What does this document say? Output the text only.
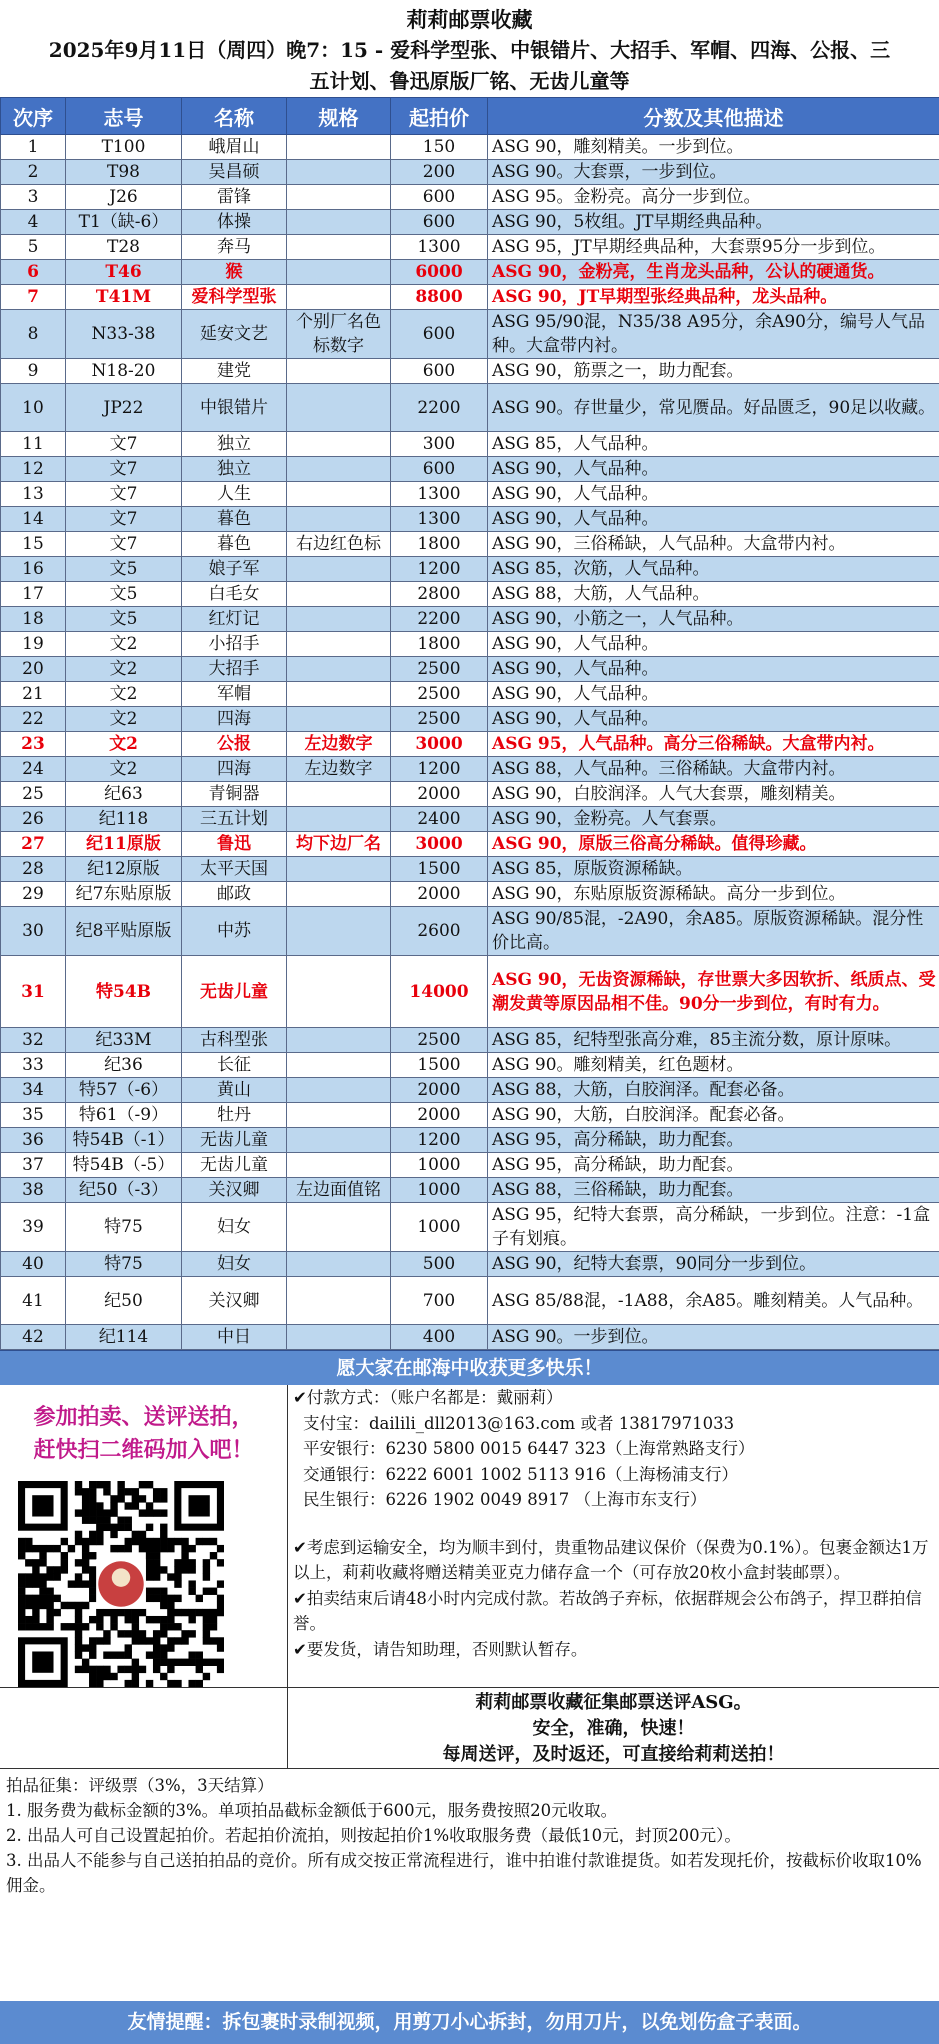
莉莉邮票收藏
2025年9月11日（周四）晚7：15 - 爱科学型张、中银错片、大招手、军帽、四海、公报、三
五计划、鲁迅原版厂铭、无齿儿童等
次序	志号	名称	规格	起拍价	分数及其他描述
1	T100	峨眉山		150	ASG 90，雕刻精美。一步到位。
2	T98	吴昌硕		200	ASG 90。大套票，一步到位。
3	J26	雷锋		600	ASG 95。金粉亮。高分一步到位。
4	T1（缺-6）	体操		600	ASG 90，5枚组。JT早期经典品种。
5	T28	奔马		1300	ASG 95，JT早期经典品种，大套票95分一步到位。
6	T46	猴		6000	ASG 90，金粉亮，生肖龙头品种，公认的硬通货。
7	T41M	爱科学型张		8800	ASG 90，JT早期型张经典品种，龙头品种。
8	N33-38	延安文艺	个别厂名色标数字	600	ASG 95/90混，N35/38 A95分，余A90分，编号人气品种。大盒带内衬。
9	N18-20	建党		600	ASG 90，筋票之一，助力配套。
10	JP22	中银错片		2200	ASG 90。存世量少，常见赝品。好品匮乏，90足以收藏。
11	文7	独立		300	ASG 85，人气品种。
12	文7	独立		600	ASG 90，人气品种。
13	文7	人生		1300	ASG 90，人气品种。
14	文7	暮色		1300	ASG 90，人气品种。
15	文7	暮色	右边红色标	1800	ASG 90，三俗稀缺，人气品种。大盒带内衬。
16	文5	娘子军		1200	ASG 85，次筋，人气品种。
17	文5	白毛女		2800	ASG 88，大筋，人气品种。
18	文5	红灯记		2200	ASG 90，小筋之一，人气品种。
19	文2	小招手		1800	ASG 90，人气品种。
20	文2	大招手		2500	ASG 90，人气品种。
21	文2	军帽		2500	ASG 90，人气品种。
22	文2	四海		2500	ASG 90，人气品种。
23	文2	公报	左边数字	3000	ASG 95，人气品种。高分三俗稀缺。大盒带内衬。
24	文2	四海	左边数字	1200	ASG 88，人气品种。三俗稀缺。大盒带内衬。
25	纪63	青铜器		2000	ASG 90，白胶润泽。人气大套票，雕刻精美。
26	纪118	三五计划		2400	ASG 90，金粉亮。人气套票。
27	纪11原版	鲁迅	均下边厂名	3000	ASG 90，原版三俗高分稀缺。值得珍藏。
28	纪12原版	太平天国		1500	ASG 85，原版资源稀缺。
29	纪7东贴原版	邮政		2000	ASG 90，东贴原版资源稀缺。高分一步到位。
30	纪8平贴原版	中苏		2600	ASG 90/85混，-2A90，余A85。原版资源稀缺。混分性价比高。
31	特54B	无齿儿童		14000	ASG 90，无齿资源稀缺，存世票大多因软折、纸质点、受潮发黄等原因品相不佳。90分一步到位，有时有力。
32	纪33M	古科型张		2500	ASG 85，纪特型张高分难，85主流分数，原计原味。
33	纪36	长征		1500	ASG 90。雕刻精美，红色题材。
34	特57（-6）	黄山		2000	ASG 88，大筋，白胶润泽。配套必备。
35	特61（-9）	牡丹		2000	ASG 90，大筋，白胶润泽。配套必备。
36	特54B（-1）	无齿儿童		1200	ASG 95，高分稀缺，助力配套。
37	特54B（-5）	无齿儿童		1000	ASG 95，高分稀缺，助力配套。
38	纪50（-3）	关汉卿	左边面值铭	1000	ASG 88，三俗稀缺，助力配套。
39	特75	妇女		1000	ASG 95，纪特大套票，高分稀缺，一步到位。注意：-1盒子有划痕。
40	特75	妇女		500	ASG 90，纪特大套票，90同分一步到位。
41	纪50	关汉卿		700	ASG 85/88混，-1A88，余A85。雕刻精美。人气品种。
42	纪114	中日		400	ASG 90。一步到位。
愿大家在邮海中收获更多快乐！
参加拍卖、送评送拍，
赶快扫二维码加入吧！
✔付款方式：（账户名都是：戴丽莉）
支付宝：dailili_dll2013@163.com 或者 13817971033
平安银行：6230 5800 0015 6447 323（上海常熟路支行）
交通银行：6222 6001 1002 5113 916（上海杨浦支行）
民生银行：6226 1902 0049 8917 （上海市东支行）
✔考虑到运输安全，均为顺丰到付，贵重物品建议保价（保费为0.1%）。包裹金额达1万以上，莉莉收藏将赠送精美亚克力储存盒一个（可存放20枚小盒封装邮票）。
✔拍卖结束后请48小时内完成付款。若故鸽子弃标，依据群规会公布鸽子，捍卫群拍信誉。
✔要发货，请告知助理，否则默认暂存。
莉莉邮票收藏征集邮票送评ASG。
安全，准确，快速！
每周送评，及时返还，可直接给莉莉送拍！
拍品征集：评级票（3%，3天结算）
1. 服务费为截标金额的3%。单项拍品截标金额低于600元，服务费按照20元收取。
2. 出品人可自己设置起拍价。若起拍价流拍，则按起拍价1%收取服务费（最低10元，封顶200元）。
3. 出品人不能参与自己送拍拍品的竞价。所有成交按正常流程进行，谁中拍谁付款谁提货。如若发现托价，按截标价收取10%佣金。
友情提醒：拆包裹时录制视频，用剪刀小心拆封，勿用刀片，以免划伤盒子表面。
